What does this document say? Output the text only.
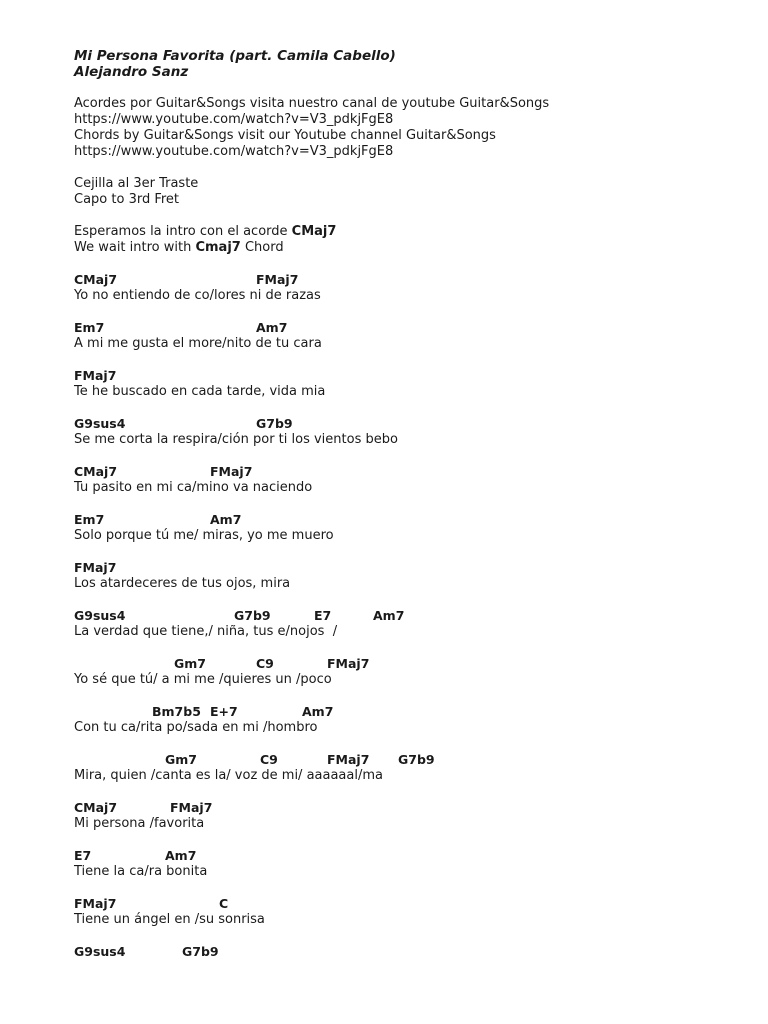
Mi Persona Favorita (part. Camila Cabello)
Alejandro Sanz
Acordes por Guitar&Songs visita nuestro canal de youtube Guitar&Songs
https://www.youtube.com/watch?v=V3_pdkjFgE8
Chords by Guitar&Songs visit our Youtube channel Guitar&Songs
https://www.youtube.com/watch?v=V3_pdkjFgE8
Cejilla al 3er Traste
Capo to 3rd Fret
Esperamos la intro con el acorde CMaj7
We wait intro with Cmaj7 Chord
CMaj7	FMaj7
Yo no entiendo de co/lores ni de razas
Em7	Am7
A mi me gusta el more/nito de tu cara
FMaj7
Te he buscado en cada tarde, vida mia
G9sus4	G7b9
Se me corta la respira/ción por ti los vientos bebo
CMaj7	FMaj7
Tu pasito en mi ca/mino va naciendo
Em7	Am7
Solo porque tú me/ miras, yo me muero
FMaj7
Los atardeceres de tus ojos, mira
G9sus4	G7b9	E7	Am7
La verdad que tiene,/ niña, tus e/nojos  /
Gm7	C9	FMaj7
Yo sé que tú/ a mi me /quieres un /poco
Bm7b5 E+7	Am7
Con tu ca/rita po/sada en mi /hombro
Gm7	C9	FMaj7 G7b9
Mira, quien /canta es la/ voz de mi/ aaaaaal/ma
CMaj7	FMaj7
Mi persona /favorita
E7	Am7
Tiene la ca/ra bonita
FMaj7	C
Tiene un ángel en /su sonrisa
G9sus4	G7b9
